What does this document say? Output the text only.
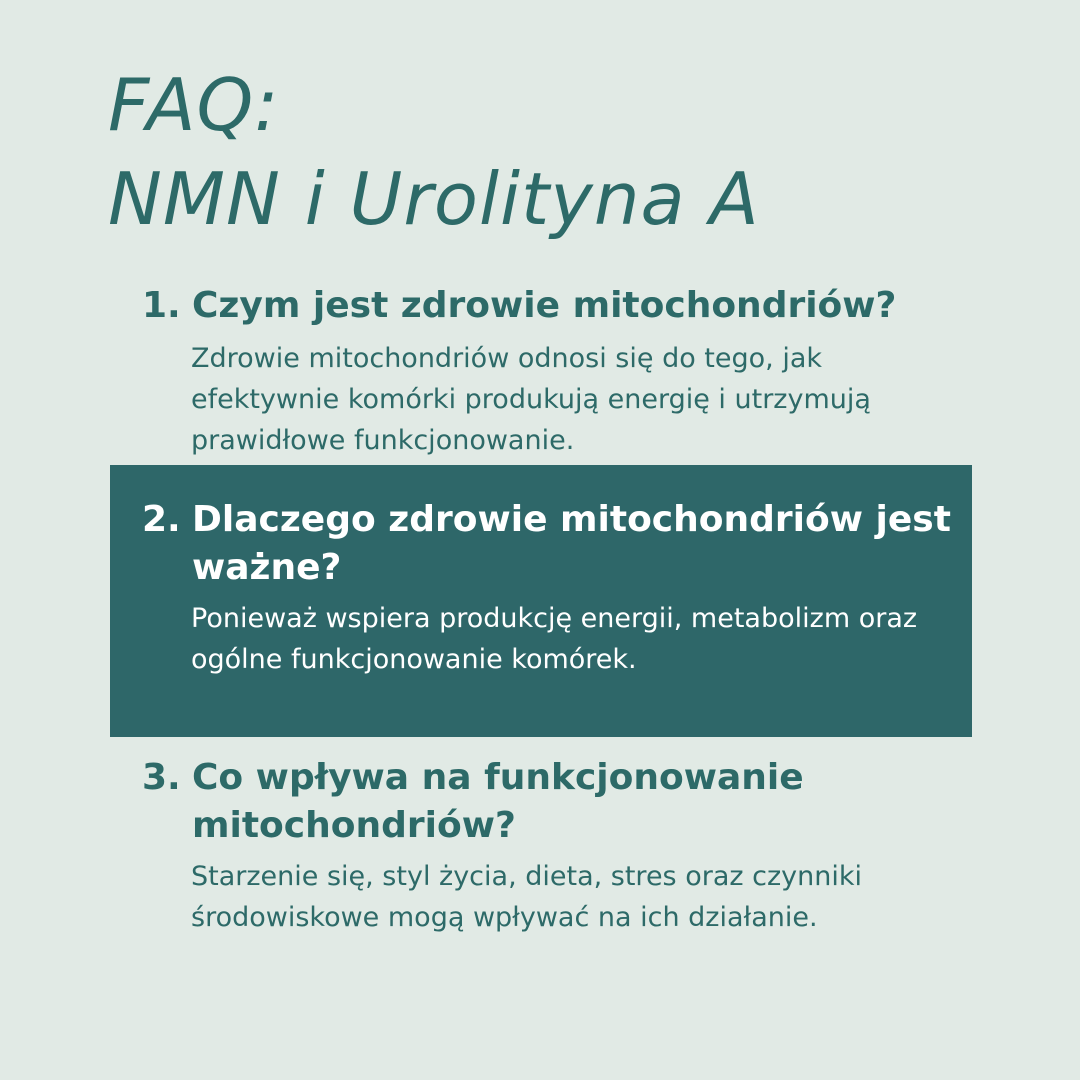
FAQ:
NMN i Urolityna A
1. Czym jest zdrowie mitochondriów?

Zdrowie mitochondriów odnosi się do tego, jak efektywnie komórki produkują energię i utrzymują prawidłowe funkcjonowanie.

2. Dlaczego zdrowie mitochondriów jest ważne?

Ponieważ wspiera produkcję energii, metabolizm oraz ogólne funkcjonowanie komórek.

3. Co wpływa na funkcjonowanie mitochondriów?

Starzenie się, styl życia, dieta, stres oraz czynniki środowiskowe mogą wpływać na ich działanie.
